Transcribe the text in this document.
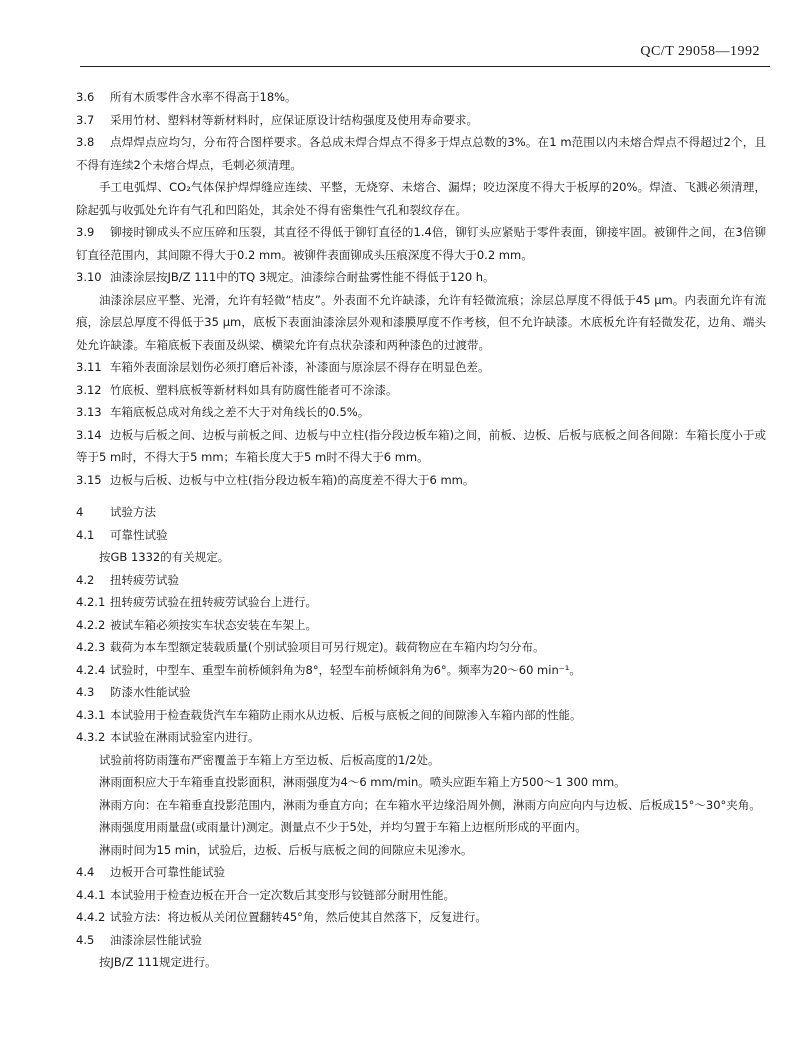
QC/T 29058—1992

3.6 所有木质零件含水率不得高于18%。

3.7 采用竹材、塑料材等新材料时，应保证原设计结构强度及使用寿命要求。

3.8 点焊焊点应均匀，分布符合图样要求。各总成未焊合焊点不得多于焊点总数的3%。在1 m范围以内未熔合焊点不得超过2个，且不得有连续2个未熔合焊点，毛刺必须清理。

手工电弧焊、CO₂气体保护焊焊缝应连续、平整，无烧穿、未熔合、漏焊；咬边深度不得大于板厚的20%。焊渣、飞溅必须清理，除起弧与收弧处允许有气孔和凹陷处，其余处不得有密集性气孔和裂纹存在。

3.9 铆接时铆成头不应压碎和压裂，其直径不得低于铆钉直径的1.4倍，铆钉头应紧贴于零件表面，铆接牢固。被铆件之间，在3倍铆钉直径范围内，其间隙不得大于0.2 mm。被铆件表面铆成头压痕深度不得大于0.2 mm。

3.10 油漆涂层按JB/Z 111中的TQ 3规定。油漆综合耐盐雾性能不得低于120 h。

油漆涂层应平整、光滑，允许有轻微“桔皮”。外表面不允许缺漆，允许有轻微流痕；涂层总厚度不得低于45 μm。内表面允许有流痕，涂层总厚度不得低于35 μm，底板下表面油漆涂层外观和漆膜厚度不作考核，但不允许缺漆。木底板允许有轻微发花，边角、端头处允许缺漆。车箱底板下表面及纵梁、横梁允许有点状杂漆和两种漆色的过渡带。

3.11 车箱外表面涂层划伤必须打磨后补漆，补漆面与原涂层不得存在明显色差。

3.12 竹底板、塑料底板等新材料如具有防腐性能者可不涂漆。

3.13 车箱底板总成对角线之差不大于对角线长的0.5%。

3.14 边板与后板之间、边板与前板之间、边板与中立柱(指分段边板车箱)之间，前板、边板、后板与底板之间各间隙：车箱长度小于或等于5 m时，不得大于5 mm；车箱长度大于5 m时不得大于6 mm。

3.15 边板与后板、边板与中立柱(指分段边板车箱)的高度差不得大于6 mm。

4 试验方法

4.1 可靠性试验

按GB 1332的有关规定。

4.2 扭转疲劳试验

4.2.1 扭转疲劳试验在扭转疲劳试验台上进行。

4.2.2 被试车箱必须按实车状态安装在车架上。

4.2.3 载荷为本车型额定装载质量(个别试验项目可另行规定)。载荷物应在车箱内均匀分布。

4.2.4 试验时，中型车、重型车前桥倾斜角为8°，轻型车前桥倾斜角为6°。频率为20～60 min⁻¹。

4.3 防漆水性能试验

4.3.1 本试验用于检查载货汽车车箱防止雨水从边板、后板与底板之间的间隙渗入车箱内部的性能。

4.3.2 本试验在淋雨试验室内进行。

试验前将防雨篷布严密覆盖于车箱上方至边板、后板高度的1/2处。

淋雨面积应大于车箱垂直投影面积，淋雨强度为4～6 mm/min。喷头应距车箱上方500～1 300 mm。

淋雨方向：在车箱垂直投影范围内，淋雨为垂直方向；在车箱水平边缘沿周外侧，淋雨方向应向内与边板、后板成15°～30°夹角。

淋雨强度用雨量盘(或雨量计)测定。测量点不少于5处，并均匀置于车箱上边框所形成的平面内。

淋雨时间为15 min，试验后，边板、后板与底板之间的间隙应未见渗水。

4.4 边板开合可靠性能试验

4.4.1 本试验用于检查边板在开合一定次数后其变形与铰链部分耐用性能。

4.4.2 试验方法：将边板从关闭位置翻转45°角，然后使其自然落下，反复进行。

4.5 油漆涂层性能试验

按JB/Z 111规定进行。
